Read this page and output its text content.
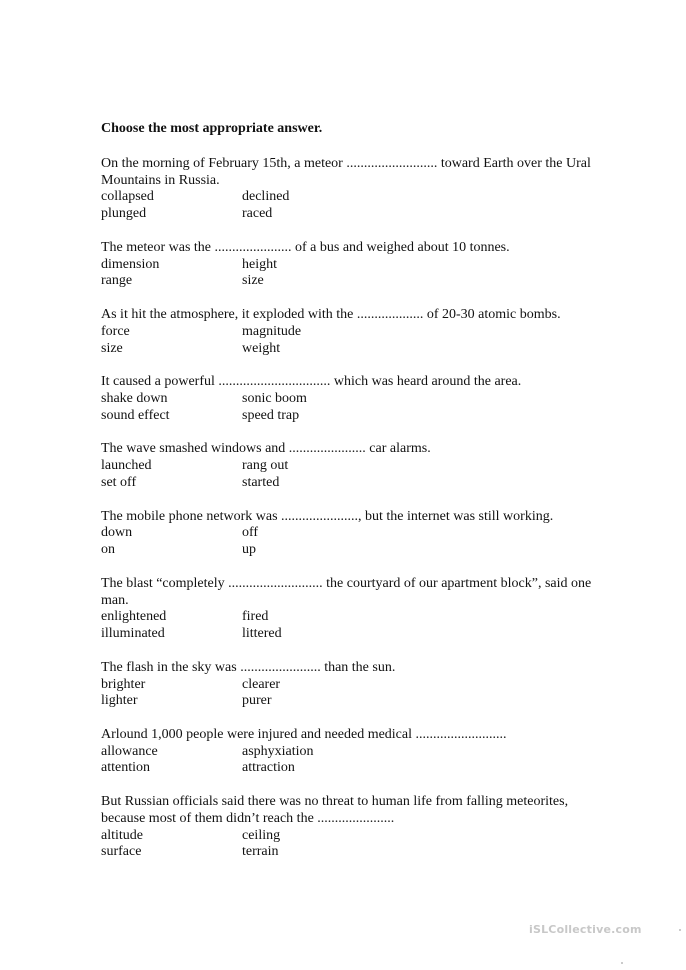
Choose the most appropriate answer.
On the morning of February 15th, a meteor .......................... toward Earth over the Ural Mountains in Russia.
collapsed	declined
plunged	raced
The meteor was the ...................... of a bus and weighed about 10 tonnes.
dimension	height
range	size
As it hit the atmosphere, it exploded with the ................... of 20-30 atomic bombs.
force	magnitude
size	weight
It caused a powerful ................................ which was heard around the area.
shake down	sonic boom
sound effect	speed trap
The wave smashed windows and ...................... car alarms.
launched	rang out
set off	started
The mobile phone network was ......................, but the internet was still working.
down	off
on	up
The blast “completely ........................... the courtyard of our apartment block”, said one man.
enlightened	fired
illuminated	littered
The flash in the sky was ....................... than the sun.
brighter	clearer
lighter	purer
Arlound 1,000 people were injured and needed medical ..........................
allowance	asphyxiation
attention	attraction
But Russian officials said there was no threat to human life from falling meteorites, because most of them didn’t reach the ......................
altitude	ceiling
surface	terrain
iSLCollective.com
